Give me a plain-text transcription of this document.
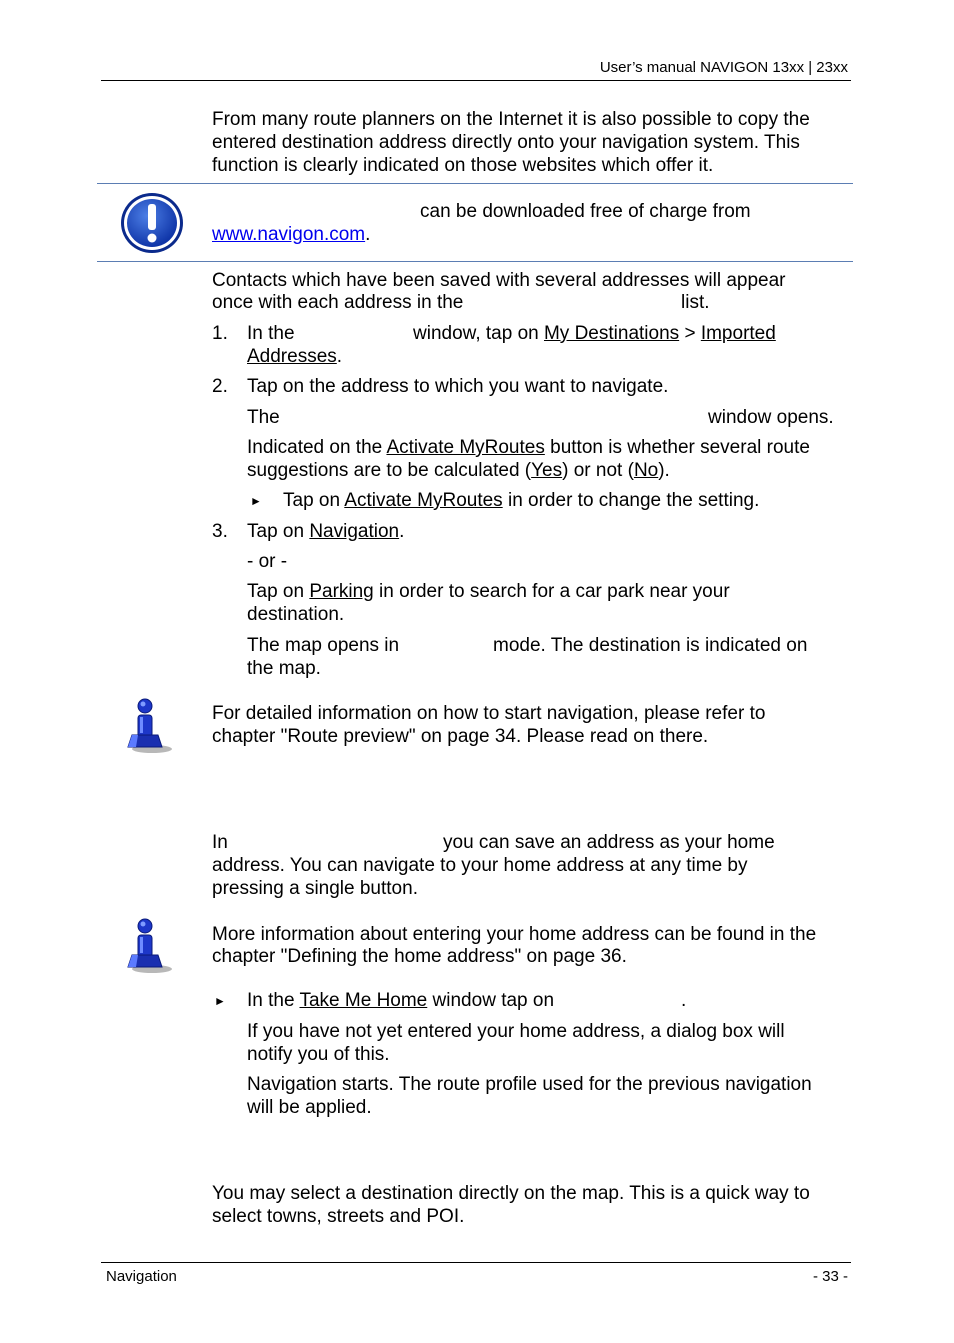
User’s manual NAVIGON 13xx | 23xx
From many route planners on the Internet it is also possible to copy the
entered destination address directly onto your navigation system. This
function is clearly indicated on those websites which offer it.
can be downloaded free of charge from
www.navigon.com.
Contacts which have been saved with several addresses will appear
once with each address in the	list.
1. In the	window, tap on My Destinations > Imported
Addresses.
2. Tap on the address to which you want to navigate.
The	window opens.
Indicated on the Activate MyRoutes button is whether several route
suggestions are to be calculated (Yes) or not (No).
► Tap on Activate MyRoutes in order to change the setting.
3. Tap on Navigation.
- or -
Tap on Parking in order to search for a car park near your
destination.
The map opens in	mode. The destination is indicated on
the map.
For detailed information on how to start navigation, please refer to
chapter "Route preview" on page 34. Please read on there.
In	you can save an address as your home
address. You can navigate to your home address at any time by
pressing a single button.
More information about entering your home address can be found in the
chapter "Defining the home address" on page 36.
► In the Take Me Home window tap on	.
If you have not yet entered your home address, a dialog box will
notify you of this.
Navigation starts. The route profile used for the previous navigation
will be applied.
You may select a destination directly on the map. This is a quick way to
select towns, streets and POI.
Navigation	- 33 -
